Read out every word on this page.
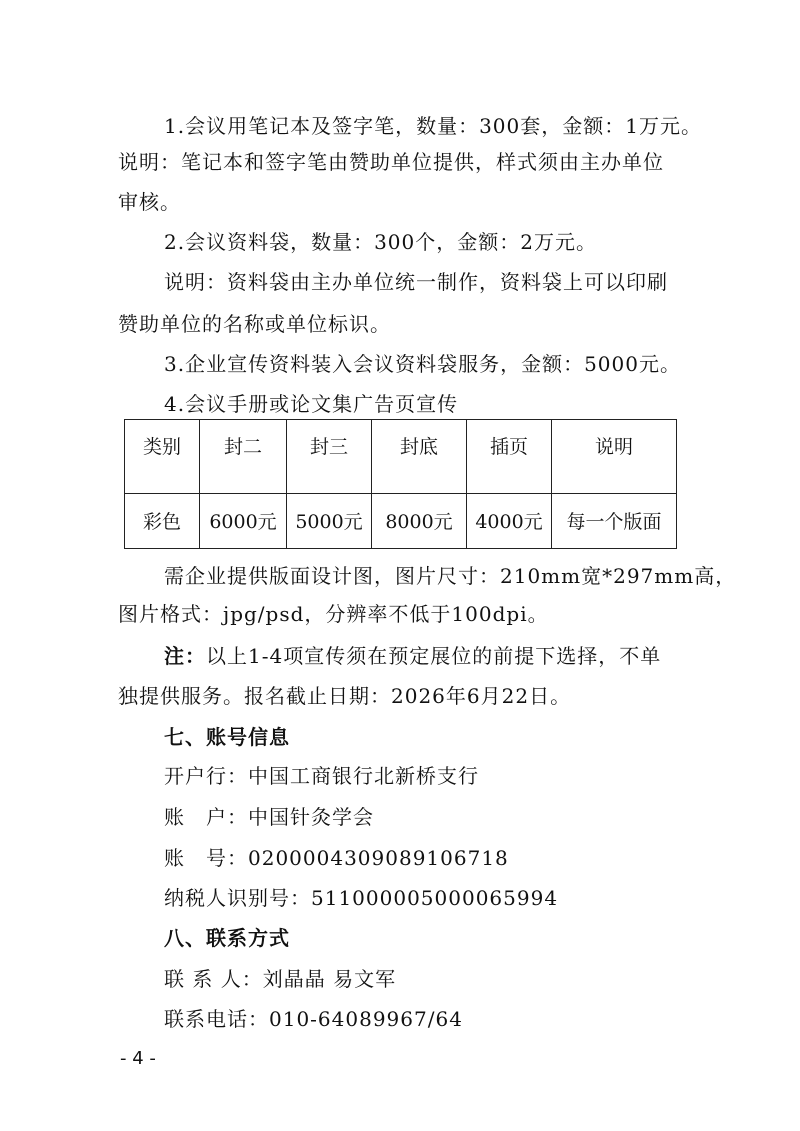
1.会议用笔记本及签字笔，数量：300套，金额：1万元。
说明：笔记本和签字笔由赞助单位提供，样式须由主办单位
审核。
2.会议资料袋，数量：300个，金额：2万元。
说明：资料袋由主办单位统一制作，资料袋上可以印刷
赞助单位的名称或单位标识。
3.企业宣传资料装入会议资料袋服务，金额：5000元。
4.会议手册或论文集广告页宣传
类别	封二	封三	封底	插页	说明
彩色	6000元	5000元	8000元	4000元	每一个版面
需企业提供版面设计图，图片尺寸：210mm宽*297mm高，
图片格式：jpg/psd，分辨率不低于100dpi。
注：以上1-4项宣传须在预定展位的前提下选择，不单
独提供服务。报名截止日期：2026年6月22日。
七、账号信息
开户行：中国工商银行北新桥支行
账　户：中国针灸学会
账　号：0200004309089106718
纳税人识别号：511000005000065994
八、联系方式
联 系 人：刘晶晶 易文军
联系电话：010-64089967/64
- 4 -
